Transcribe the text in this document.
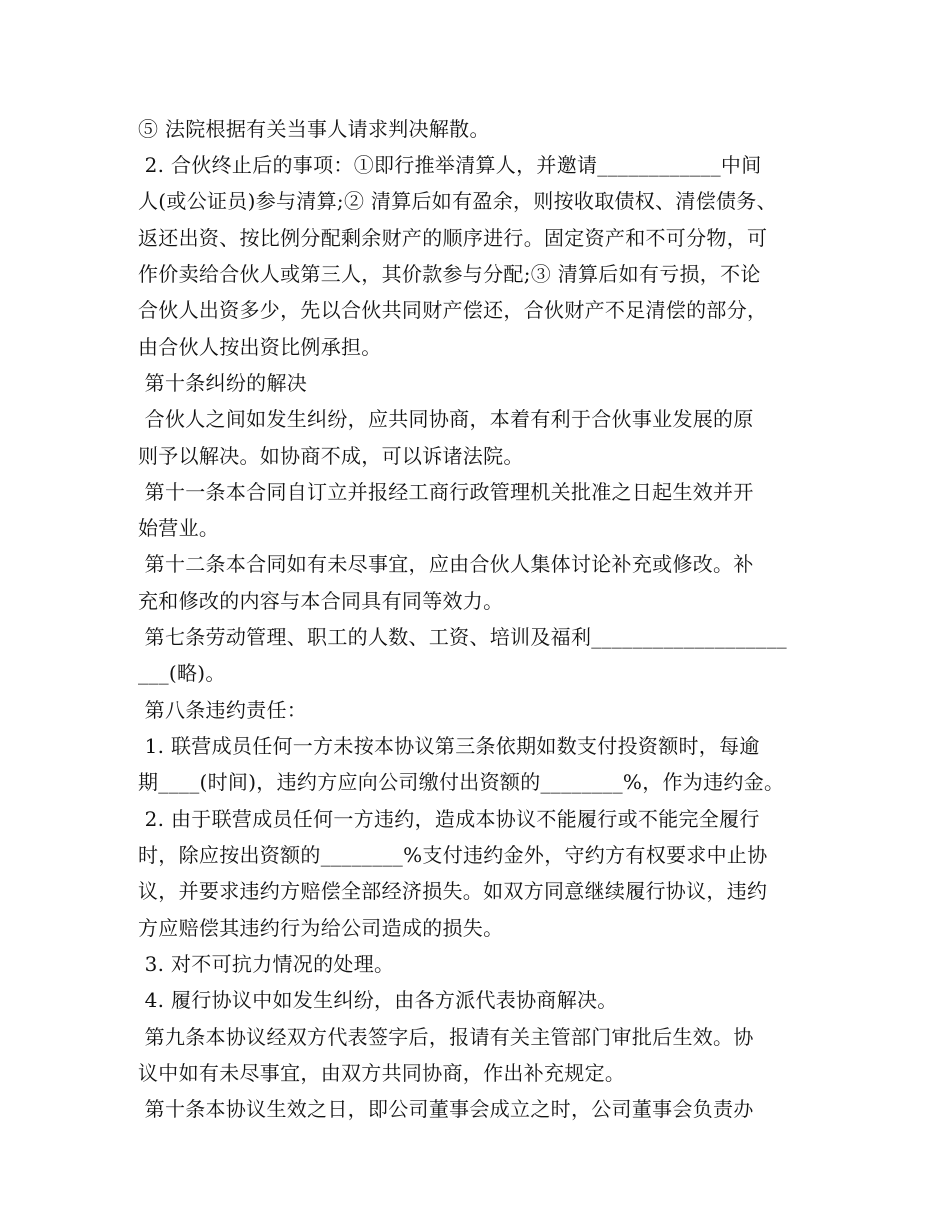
⑤ 法院根据有关当事人请求判决解散。
2. 合伙终止后的事项：①即行推举清算人，并邀请____________中间
人(或公证员)参与清算;② 清算后如有盈余，则按收取债权、清偿债务、
返还出资、按比例分配剩余财产的顺序进行。固定资产和不可分物，可
作价卖给合伙人或第三人，其价款参与分配;③ 清算后如有亏损，不论
合伙人出资多少，先以合伙共同财产偿还，合伙财产不足清偿的部分，
由合伙人按出资比例承担。
第十条纠纷的解决
合伙人之间如发生纠纷，应共同协商，本着有利于合伙事业发展的原
则予以解决。如协商不成，可以诉诸法院。
第十一条本合同自订立并报经工商行政管理机关批准之日起生效并开
始营业。
第十二条本合同如有未尽事宜，应由合伙人集体讨论补充或修改。补
充和修改的内容与本合同具有同等效力。
第七条劳动管理、职工的人数、工资、培训及福利___________________
___(略)。
第八条违约责任：
1. 联营成员任何一方未按本协议第三条依期如数支付投资额时，每逾
期____(时间)，违约方应向公司缴付出资额的________%，作为违约金。
2. 由于联营成员任何一方违约，造成本协议不能履行或不能完全履行
时，除应按出资额的________%支付违约金外，守约方有权要求中止协
议，并要求违约方赔偿全部经济损失。如双方同意继续履行协议，违约
方应赔偿其违约行为给公司造成的损失。
3. 对不可抗力情况的处理。
4. 履行协议中如发生纠纷，由各方派代表协商解决。
第九条本协议经双方代表签字后，报请有关主管部门审批后生效。协
议中如有未尽事宜，由双方共同协商，作出补充规定。
第十条本协议生效之日，即公司董事会成立之时，公司董事会负责办
